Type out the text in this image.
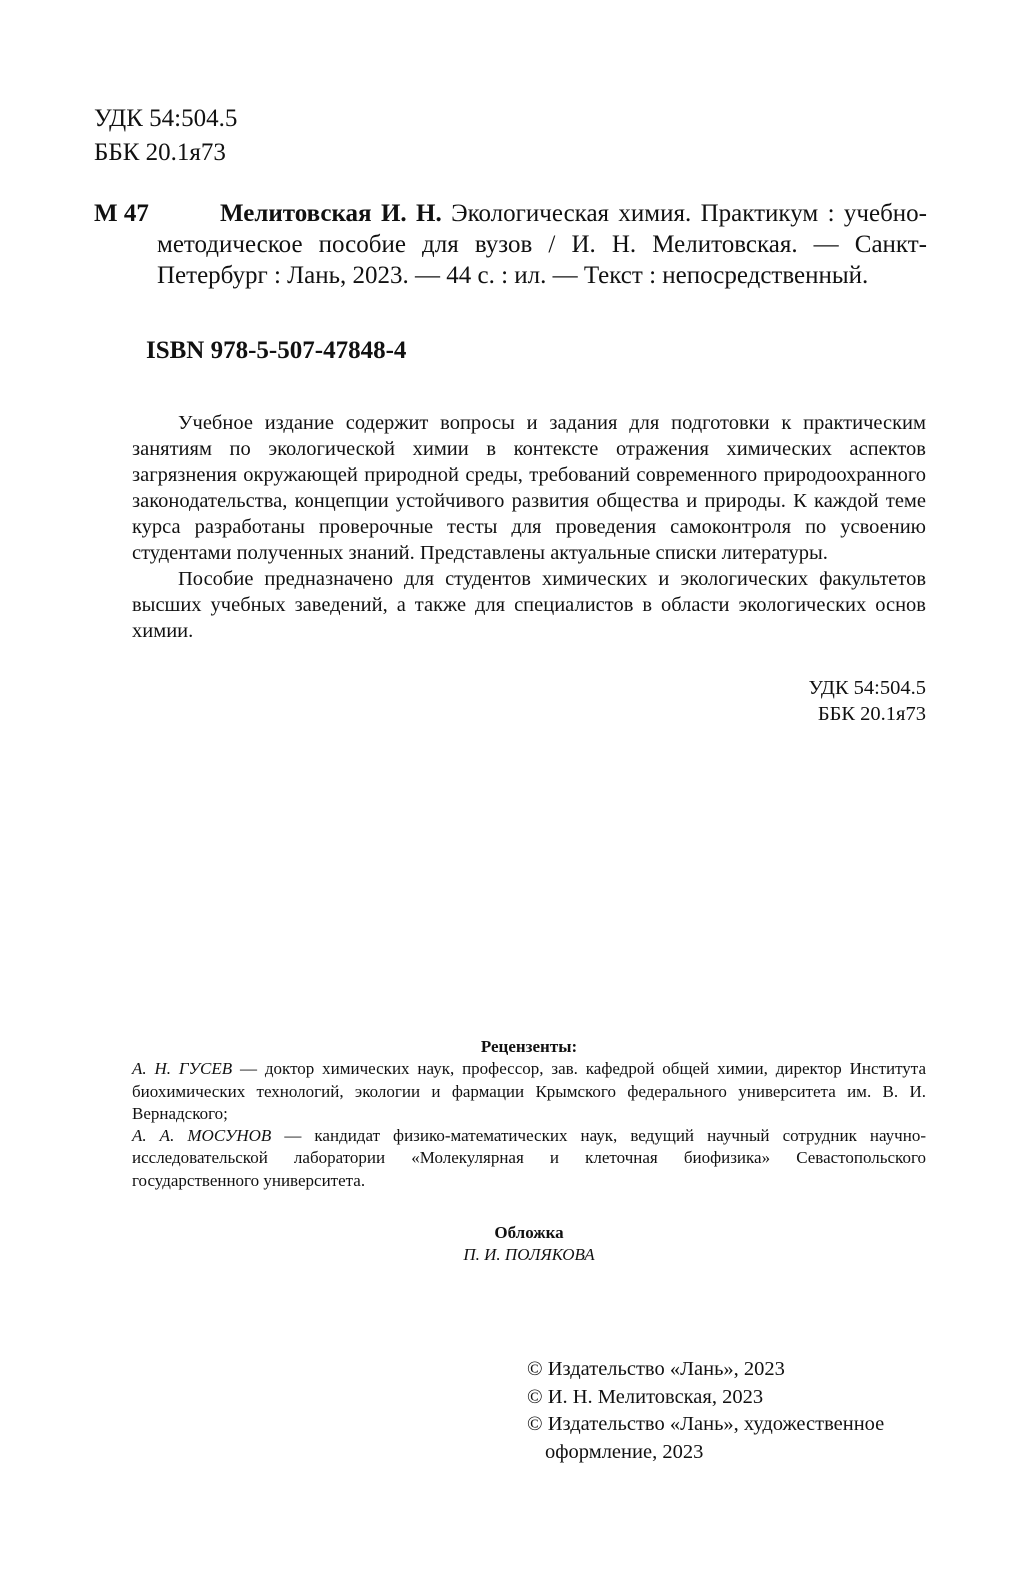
УДК 54:504.5
ББК 20.1я73
М 47	Мелитовская И. Н. Экологическая химия. Практикум : учебно-методическое пособие для вузов / И. Н. Мелитовская. — Санкт-Петербург : Лань, 2023. — 44 с. : ил. — Текст : непосредственный.
ISBN 978-5-507-47848-4

Учебное издание содержит вопросы и задания для подготовки к практическим занятиям по экологической химии в контексте отражения химических аспектов загрязнения окружающей природной среды, требований современного природоохранного законодательства, концепции устойчивого развития общества и природы. К каждой теме курса разработаны проверочные тесты для проведения самоконтроля по усвоению студентами полученных знаний. Представлены актуальные списки литературы.

Пособие предназначено для студентов химических и экологических факультетов высших учебных заведений, а также для специалистов в области экологических основ химии.

УДК 54:504.5
ББК 20.1я73
Рецензенты:

А. Н. ГУСЕВ — доктор химических наук, профессор, зав. кафедрой общей химии, директор Института биохимических технологий, экологии и фармации Крымского федерального университета им. В. И. Вернадского;

А. А. МОСУНОВ — кандидат физико-математических наук, ведущий научный сотрудник научно-исследовательской лаборатории «Молекулярная и клеточная биофизика» Севастопольского государственного университета.

Обложка
П. И. ПОЛЯКОВА
© Издательство «Лань», 2023
© И. Н. Мелитовская, 2023
© Издательство «Лань», художественное оформление, 2023
